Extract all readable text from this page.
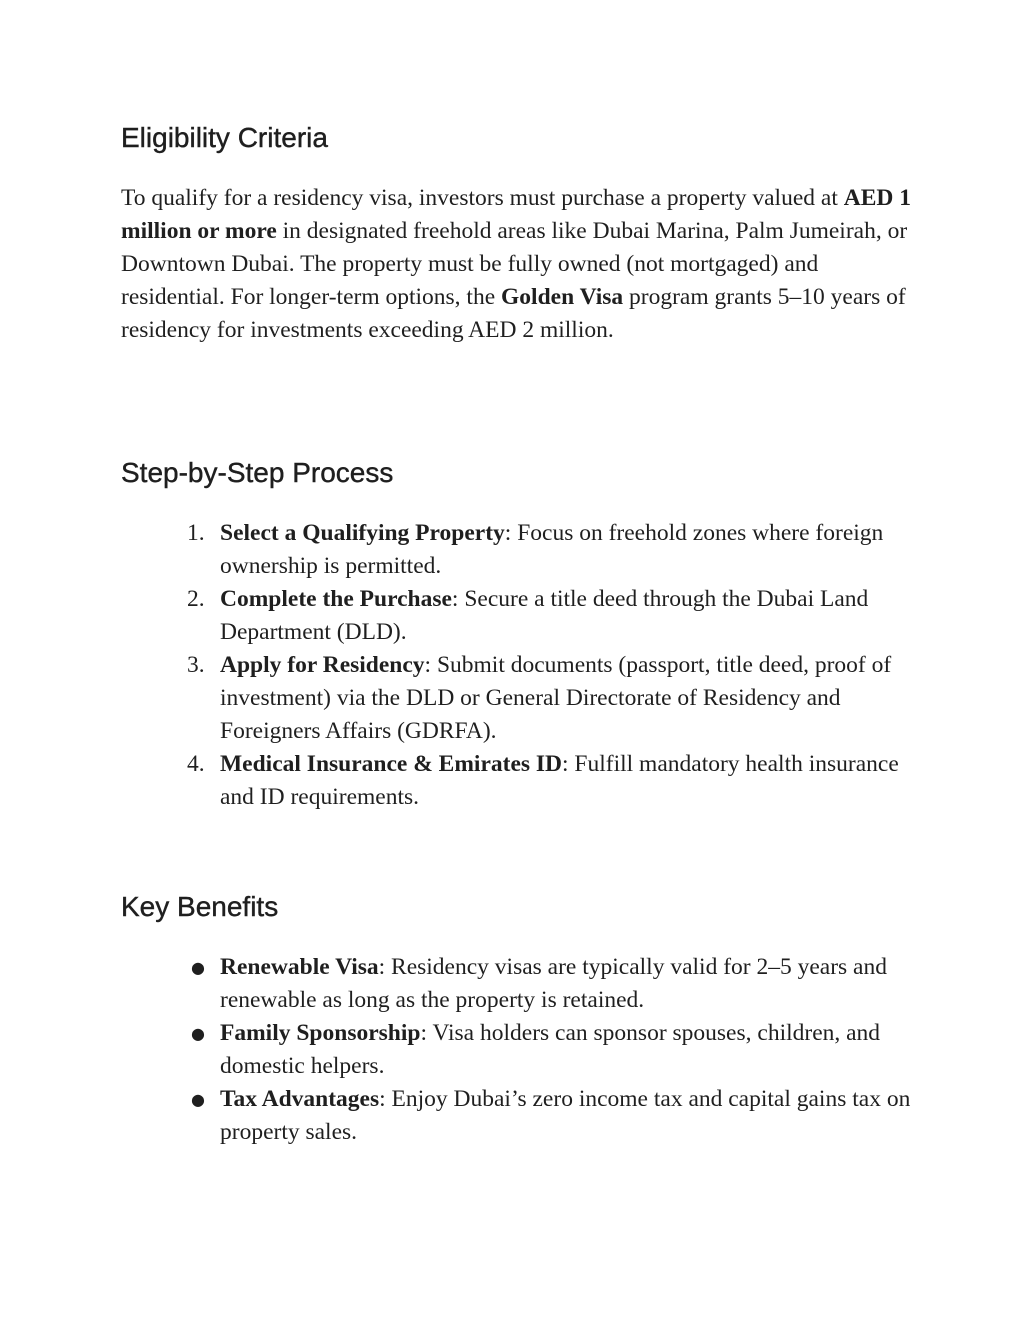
Eligibility Criteria

To qualify for a residency visa, investors must purchase a property valued at AED 1 million or more in designated freehold areas like Dubai Marina, Palm Jumeirah, or Downtown Dubai. The property must be fully owned (not mortgaged) and residential. For longer-term options, the Golden Visa program grants 5–10 years of residency for investments exceeding AED 2 million.

Step-by-Step Process
1. Select a Qualifying Property: Focus on freehold zones where foreign ownership is permitted.
2. Complete the Purchase: Secure a title deed through the Dubai Land Department (DLD).
3. Apply for Residency: Submit documents (passport, title deed, proof of investment) via the DLD or General Directorate of Residency and Foreigners Affairs (GDRFA).
4. Medical Insurance & Emirates ID: Fulfill mandatory health insurance and ID requirements.
Key Benefits
● Renewable Visa: Residency visas are typically valid for 2–5 years and renewable as long as the property is retained.
● Family Sponsorship: Visa holders can sponsor spouses, children, and domestic helpers.
● Tax Advantages: Enjoy Dubai’s zero income tax and capital gains tax on property sales.
